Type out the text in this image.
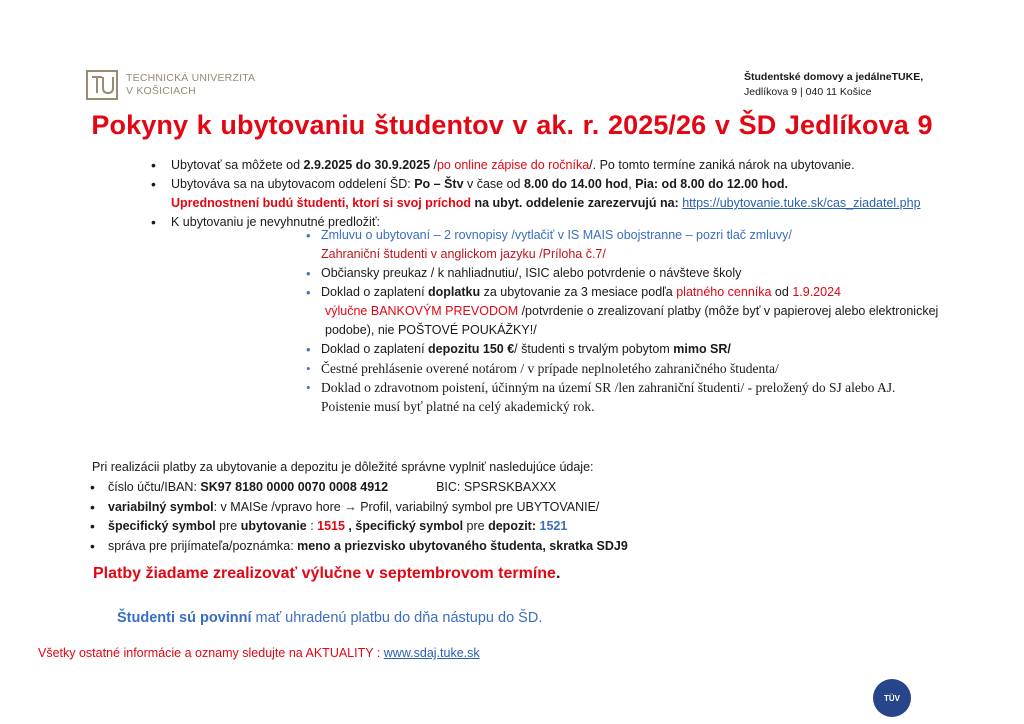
TECHNICKÁ UNIVERZITA
V KOŠICIACH
Študentské domovy a jedálneTUKE,
Jedlíkova 9 | 040 11 Košice
Pokyny k ubytovaniu študentov v ak. r. 2025/26 v ŠD Jedlíkova 9
• Ubytovať sa môžete od 2.9.2025 do 30.9.2025 /po online zápise do ročníka/. Po tomto termíne zaniká nárok na ubytovanie.
• Ubytováva sa na ubytovacom oddelení ŠD: Po – Štv v čase od 8.00 do 14.00 hod, Pia: od 8.00 do 12.00 hod.
Uprednostnení budú študenti, ktorí si svoj príchod na ubyt. oddelenie zarezervujú na: https://ubytovanie.tuke.sk/cas_ziadatel.php
• K ubytovaniu je nevyhnutné predložiť:
• Zmluvu o ubytovaní – 2 rovnopisy /vytlačiť v IS MAIS obojstranne – pozri tlač zmluvy/
Zahraniční študenti v anglickom jazyku /Príloha č.7/
• Občiansky preukaz / k nahliadnutiu/, ISIC alebo potvrdenie o návšteve školy
• Doklad o zaplatení doplatku za ubytovanie za 3 mesiace podľa platného cenníka od 1.9.2024
výlučne BANKOVÝM PREVODOM /potvrdenie o zrealizovaní platby (môže byť v papierovej alebo elektronickej
podobe), nie POŠTOVÉ POUKÁŽKY!/
• Doklad o zaplatení depozitu 150 €/ študenti s trvalým pobytom mimo SR/
• Čestné prehlásenie overené notárom / v prípade neplnoletého zahraničného študenta/
• Doklad o zdravotnom poistení, účinným na území SR /len zahraniční študenti/ - preložený do SJ alebo AJ.
Poistenie musí byť platné na celý akademický rok.
Pri realizácii platby za ubytovanie a depozitu je dôležité správne vyplniť nasledujúce údaje:
• číslo účtu/IBAN: SK97 8180 0000 0070 0008 4912	BIC: SPSRSKBAXXX
• variabilný symbol: v MAISe /vpravo hore → Profil, variabilný symbol pre UBYTOVANIE/
• špecifický symbol pre ubytovanie : 1515 , špecifický symbol pre depozit: 1521
• správa pre prijímateľa/poznámka: meno a priezvisko ubytovaného študenta, skratka SDJ9
Platby žiadame zrealizovať výlučne v septembrovom termíne.
Študenti sú povinní mať uhradenú platbu do dňa nástupu do ŠD.
Všetky ostatné informácie a oznamy sledujte na AKTUALITY : www.sdaj.tuke.sk
TÜV
